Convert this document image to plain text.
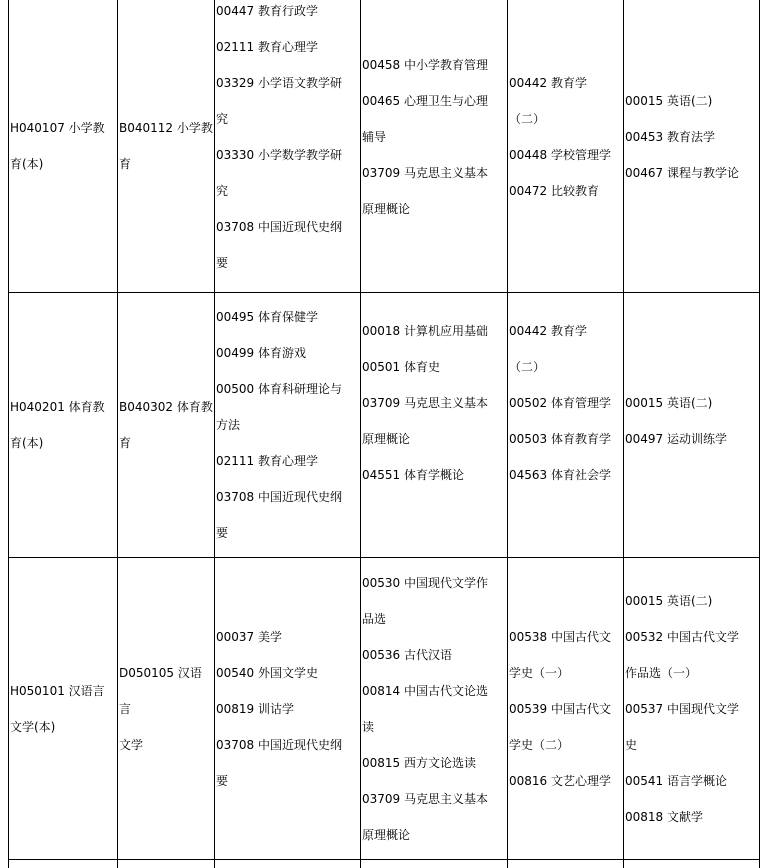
H040107 小学教
育(本)
B040112 小学教
育
00447 教育行政学
02111 教育心理学
03329 小学语文教学研
究
03330 小学数学教学研
究
03708 中国近现代史纲
要
00458 中小学教育管理
00465 心理卫生与心理
辅导
03709 马克思主义基本
原理概论
00442 教育学
（二）
00448 学校管理学
00472 比较教育
00015 英语(二)
00453 教育法学
00467 课程与教学论
H040201 体育教
育(本)
B040302 体育教
育
00495 体育保健学
00499 体育游戏
00500 体育科研理论与
方法
02111 教育心理学
03708 中国近现代史纲
要
00018 计算机应用基础
00501 体育史
03709 马克思主义基本
原理概论
04551 体育学概论
00442 教育学
（二）
00502 体育管理学
00503 体育教育学
04563 体育社会学
00015 英语(二)
00497 运动训练学
H050101 汉语言
文学(本)
D050105 汉语言
文学
00037 美学
00540 外国文学史
00819 训诂学
03708 中国近现代史纲
要
00530 中国现代文学作
品选
00536 古代汉语
00814 中国古代文论选
读
00815 西方文论选读
03709 马克思主义基本
原理概论
00538 中国古代文
学史（一）
00539 中国古代文
学史（二）
00816 文艺心理学
00015 英语(二)
00532 中国古代文学
作品选（一）
00537 中国现代文学
史
00541 语言学概论
00818 文献学
